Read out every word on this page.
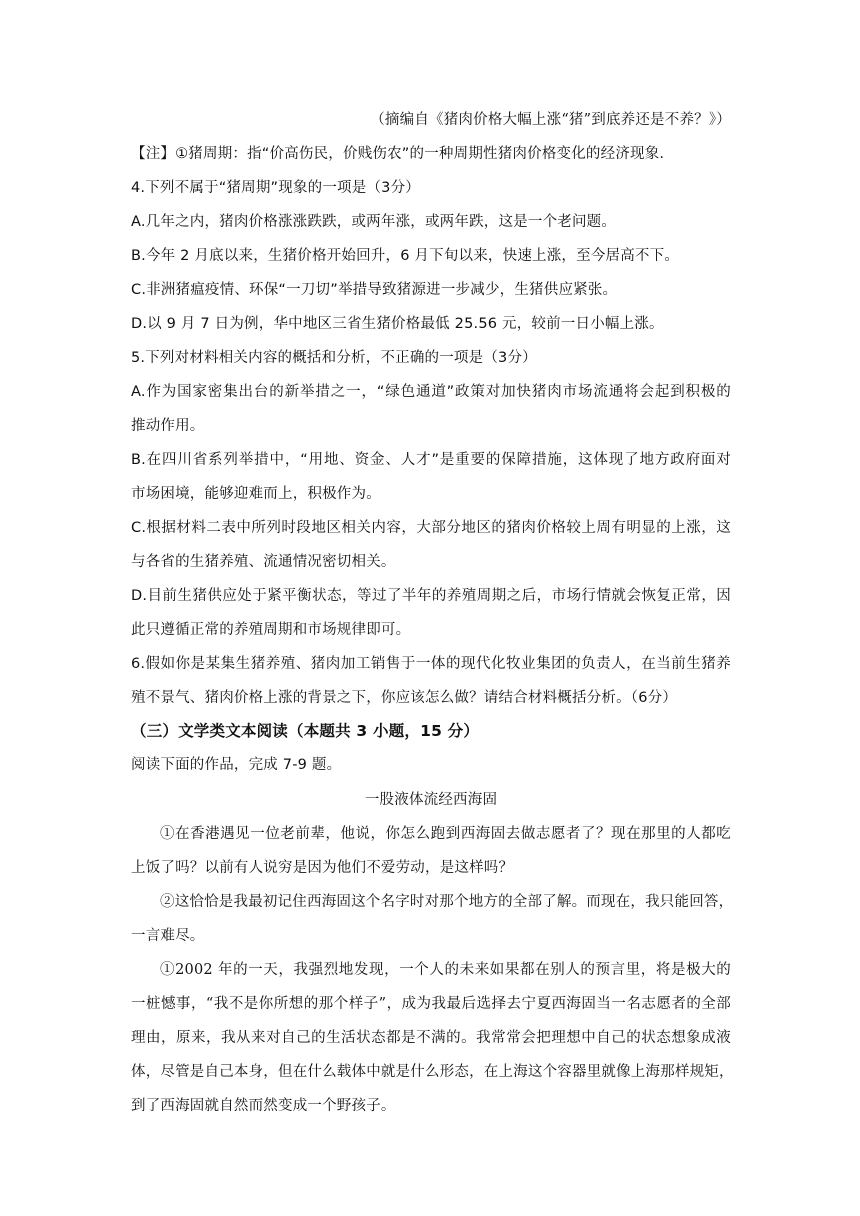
（摘编自《猪肉价格大幅上涨“猪”到底养还是不养？》）
【注】①猪周期：指“价高伤民，价贱伤农”的一种周期性猪肉价格变化的经济现象.
4.下列不属于“猪周期”现象的一项是（3分）
A.几年之内，猪肉价格涨涨跌跌，或两年涨，或两年跌，这是一个老问题。
B.今年 2 月底以来，生猪价格开始回升，6 月下旬以来，快速上涨，至今居高不下。
C.非洲猪瘟疫情、环保“一刀切”举措导致猪源进一步减少，生猪供应紧张。
D.以 9 月 7 日为例，华中地区三省生猪价格最低 25.56 元，较前一日小幅上涨。
5.下列对材料相关内容的概括和分析，不正确的一项是（3分）
A.作为国家密集出台的新举措之一，“绿色通道”政策对加快猪肉市场流通将会起到积极的
推动作用。
B.在四川省系列举措中，“用地、资金、人才”是重要的保障措施，这体现了地方政府面对
市场困境，能够迎难而上，积极作为。
C.根据材料二表中所列时段地区相关内容，大部分地区的猪肉价格较上周有明显的上涨，这
与各省的生猪养殖、流通情况密切相关。
D.目前生猪供应处于紧平衡状态，等过了半年的养殖周期之后，市场行情就会恢复正常，因
此只遵循正常的养殖周期和市场规律即可。
6.假如你是某集生猪养殖、猪肉加工销售于一体的现代化牧业集团的负责人，在当前生猪养
殖不景气、猪肉价格上涨的背景之下，你应该怎么做？请结合材料概括分析。（6分）
（三）文学类文本阅读（本题共 3 小题，15 分）
阅读下面的作品，完成 7-9 题。
一股液体流经西海固
①在香港遇见一位老前辈，他说，你怎么跑到西海固去做志愿者了？现在那里的人都吃
上饭了吗？以前有人说穷是因为他们不爱劳动，是这样吗？
②这恰恰是我最初记住西海固这个名字时对那个地方的全部了解。而现在，我只能回答，
一言难尽。
①2002 年的一天，我强烈地发现，一个人的未来如果都在别人的预言里，将是极大的
一桩憾事，“我不是你所想的那个样子”，成为我最后选择去宁夏西海固当一名志愿者的全部
理由，原来，我从来对自己的生活状态都是不满的。我常常会把理想中自己的状态想象成液
体，尽管是自己本身，但在什么载体中就是什么形态，在上海这个容器里就像上海那样规矩，
到了西海固就自然而然变成一个野孩子。
